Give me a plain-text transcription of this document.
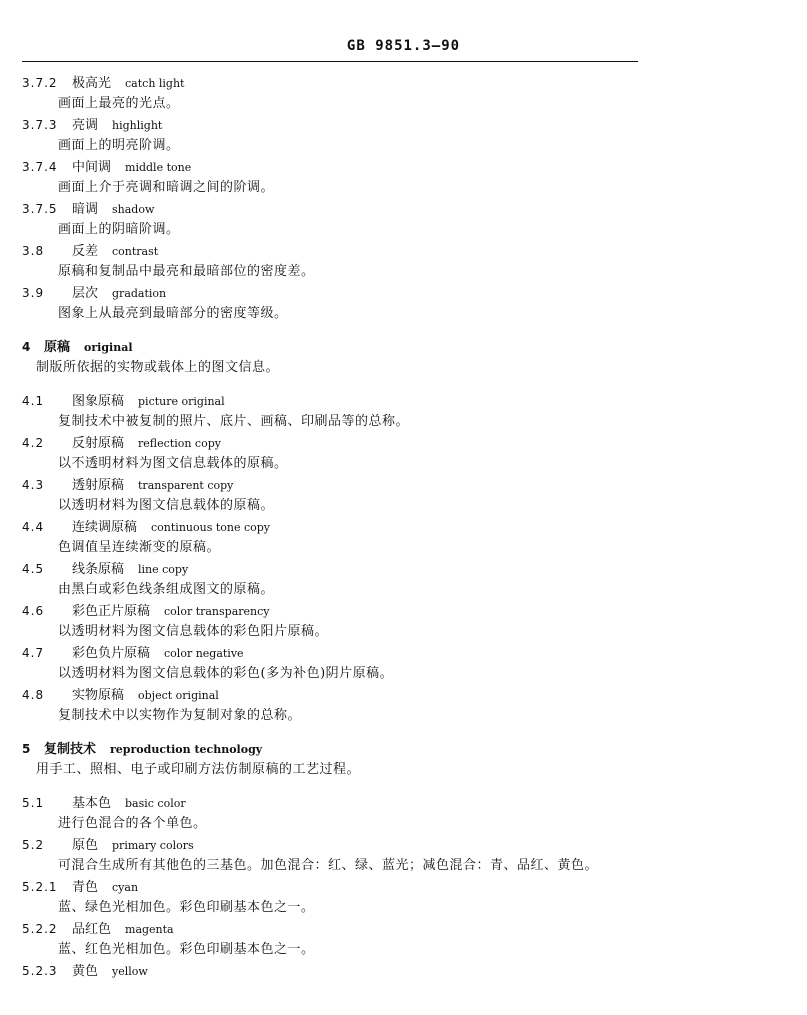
GB 9851.3—90
3.7.2	极高光 catch light
画面上最亮的光点。
3.7.3	亮调 highlight
画面上的明亮阶调。
3.7.4	中间调 middle tone
画面上介于亮调和暗调之间的阶调。
3.7.5	暗调 shadow
画面上的阴暗阶调。
3.8	反差 contrast
原稿和复制品中最亮和最暗部位的密度差。
3.9	层次 gradation
图象上从最亮到最暗部分的密度等级。
4 原稿 original
制版所依据的实物或载体上的图文信息。
4.1	图象原稿 picture original
复制技术中被复制的照片、底片、画稿、印刷品等的总称。
4.2	反射原稿 reflection copy
以不透明材料为图文信息载体的原稿。
4.3	透射原稿 transparent copy
以透明材料为图文信息载体的原稿。
4.4	连续调原稿 continuous tone copy
色调值呈连续渐变的原稿。
4.5	线条原稿 line copy
由黑白或彩色线条组成图文的原稿。
4.6	彩色正片原稿 color transparency
以透明材料为图文信息载体的彩色阳片原稿。
4.7	彩色负片原稿 color negative
以透明材料为图文信息载体的彩色(多为补色)阴片原稿。
4.8	实物原稿 object original
复制技术中以实物作为复制对象的总称。
5 复制技术 reproduction technology
用手工、照相、电子或印刷方法仿制原稿的工艺过程。
5.1	基本色 basic color
进行色混合的各个单色。
5.2	原色 primary colors
可混合生成所有其他色的三基色。加色混合：红、绿、蓝光；减色混合：青、品红、黄色。
5.2.1	青色 cyan
蓝、绿色光相加色。彩色印刷基本色之一。
5.2.2	品红色 magenta
蓝、红色光相加色。彩色印刷基本色之一。
5.2.3	黄色 yellow
